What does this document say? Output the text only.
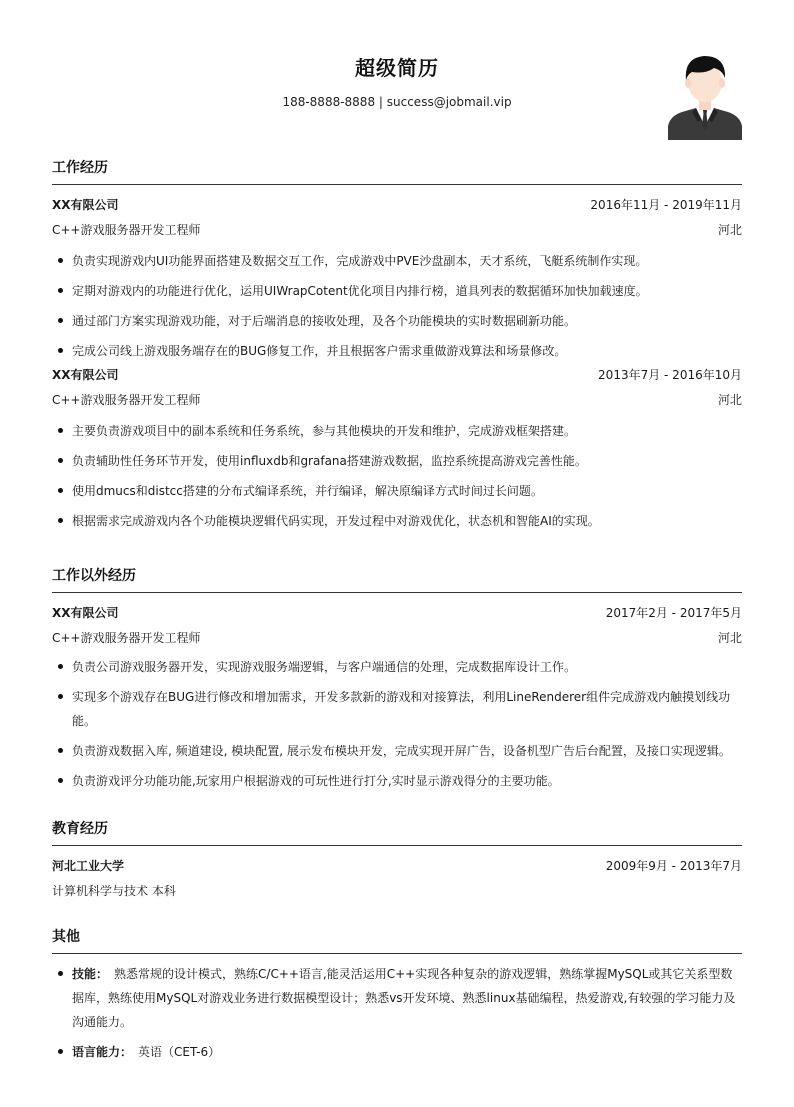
超级简历
188-8888-8888 | success@jobmail.vip
工作经历
XX有限公司	2016年11月 - 2019年11月
C++游戏服务器开发工程师	河北
负责实现游戏内UI功能界面搭建及数据交互工作，完成游戏中PVE沙盘副本，天才系统，飞艇系统制作实现。
定期对游戏内的功能进行优化，运用UIWrapCotent优化项目内排行榜，道具列表的数据循环加快加载速度。
通过部门方案实现游戏功能，对于后端消息的接收处理，及各个功能模块的实时数据刷新功能。
完成公司线上游戏服务端存在的BUG修复工作，并且根据客户需求重做游戏算法和场景修改。
XX有限公司	2013年7月 - 2016年10月
C++游戏服务器开发工程师	河北
主要负责游戏项目中的副本系统和任务系统，参与其他模块的开发和维护，完成游戏框架搭建。
负责辅助性任务环节开发，使用influxdb和grafana搭建游戏数据，监控系统提高游戏完善性能。
使用dmucs和distcc搭建的分布式编译系统，并行编译，解决原编译方式时间过长问题。
根据需求完成游戏内各个功能模块逻辑代码实现，开发过程中对游戏优化，状态机和智能AI的实现。
工作以外经历
XX有限公司	2017年2月 - 2017年5月
C++游戏服务器开发工程师	河北
负责公司游戏服务器开发，实现游戏服务端逻辑，与客户端通信的处理，完成数据库设计工作。
实现多个游戏存在BUG进行修改和增加需求，开发多款新的游戏和对接算法，利用LineRenderer组件完成游戏内触摸划线功能。
负责游戏数据入库, 频道建设, 模块配置, 展示发布模块开发，完成实现开屏广告，设备机型广告后台配置，及接口实现逻辑。
负责游戏评分功能功能,玩家用户根据游戏的可玩性进行打分,实时显示游戏得分的主要功能。
教育经历
河北工业大学	2009年9月 - 2013年7月
计算机科学与技术 本科
其他
技能： 熟悉常规的设计模式，熟练C/C++语言,能灵活运用C++实现各种复杂的游戏逻辑，熟练掌握MySQL或其它关系型数据库，熟练使用MySQL对游戏业务进行数据模型设计；熟悉vs开发环境、熟悉linux基础编程，热爱游戏,有较强的学习能力及沟通能力。
语言能力： 英语（CET-6）
